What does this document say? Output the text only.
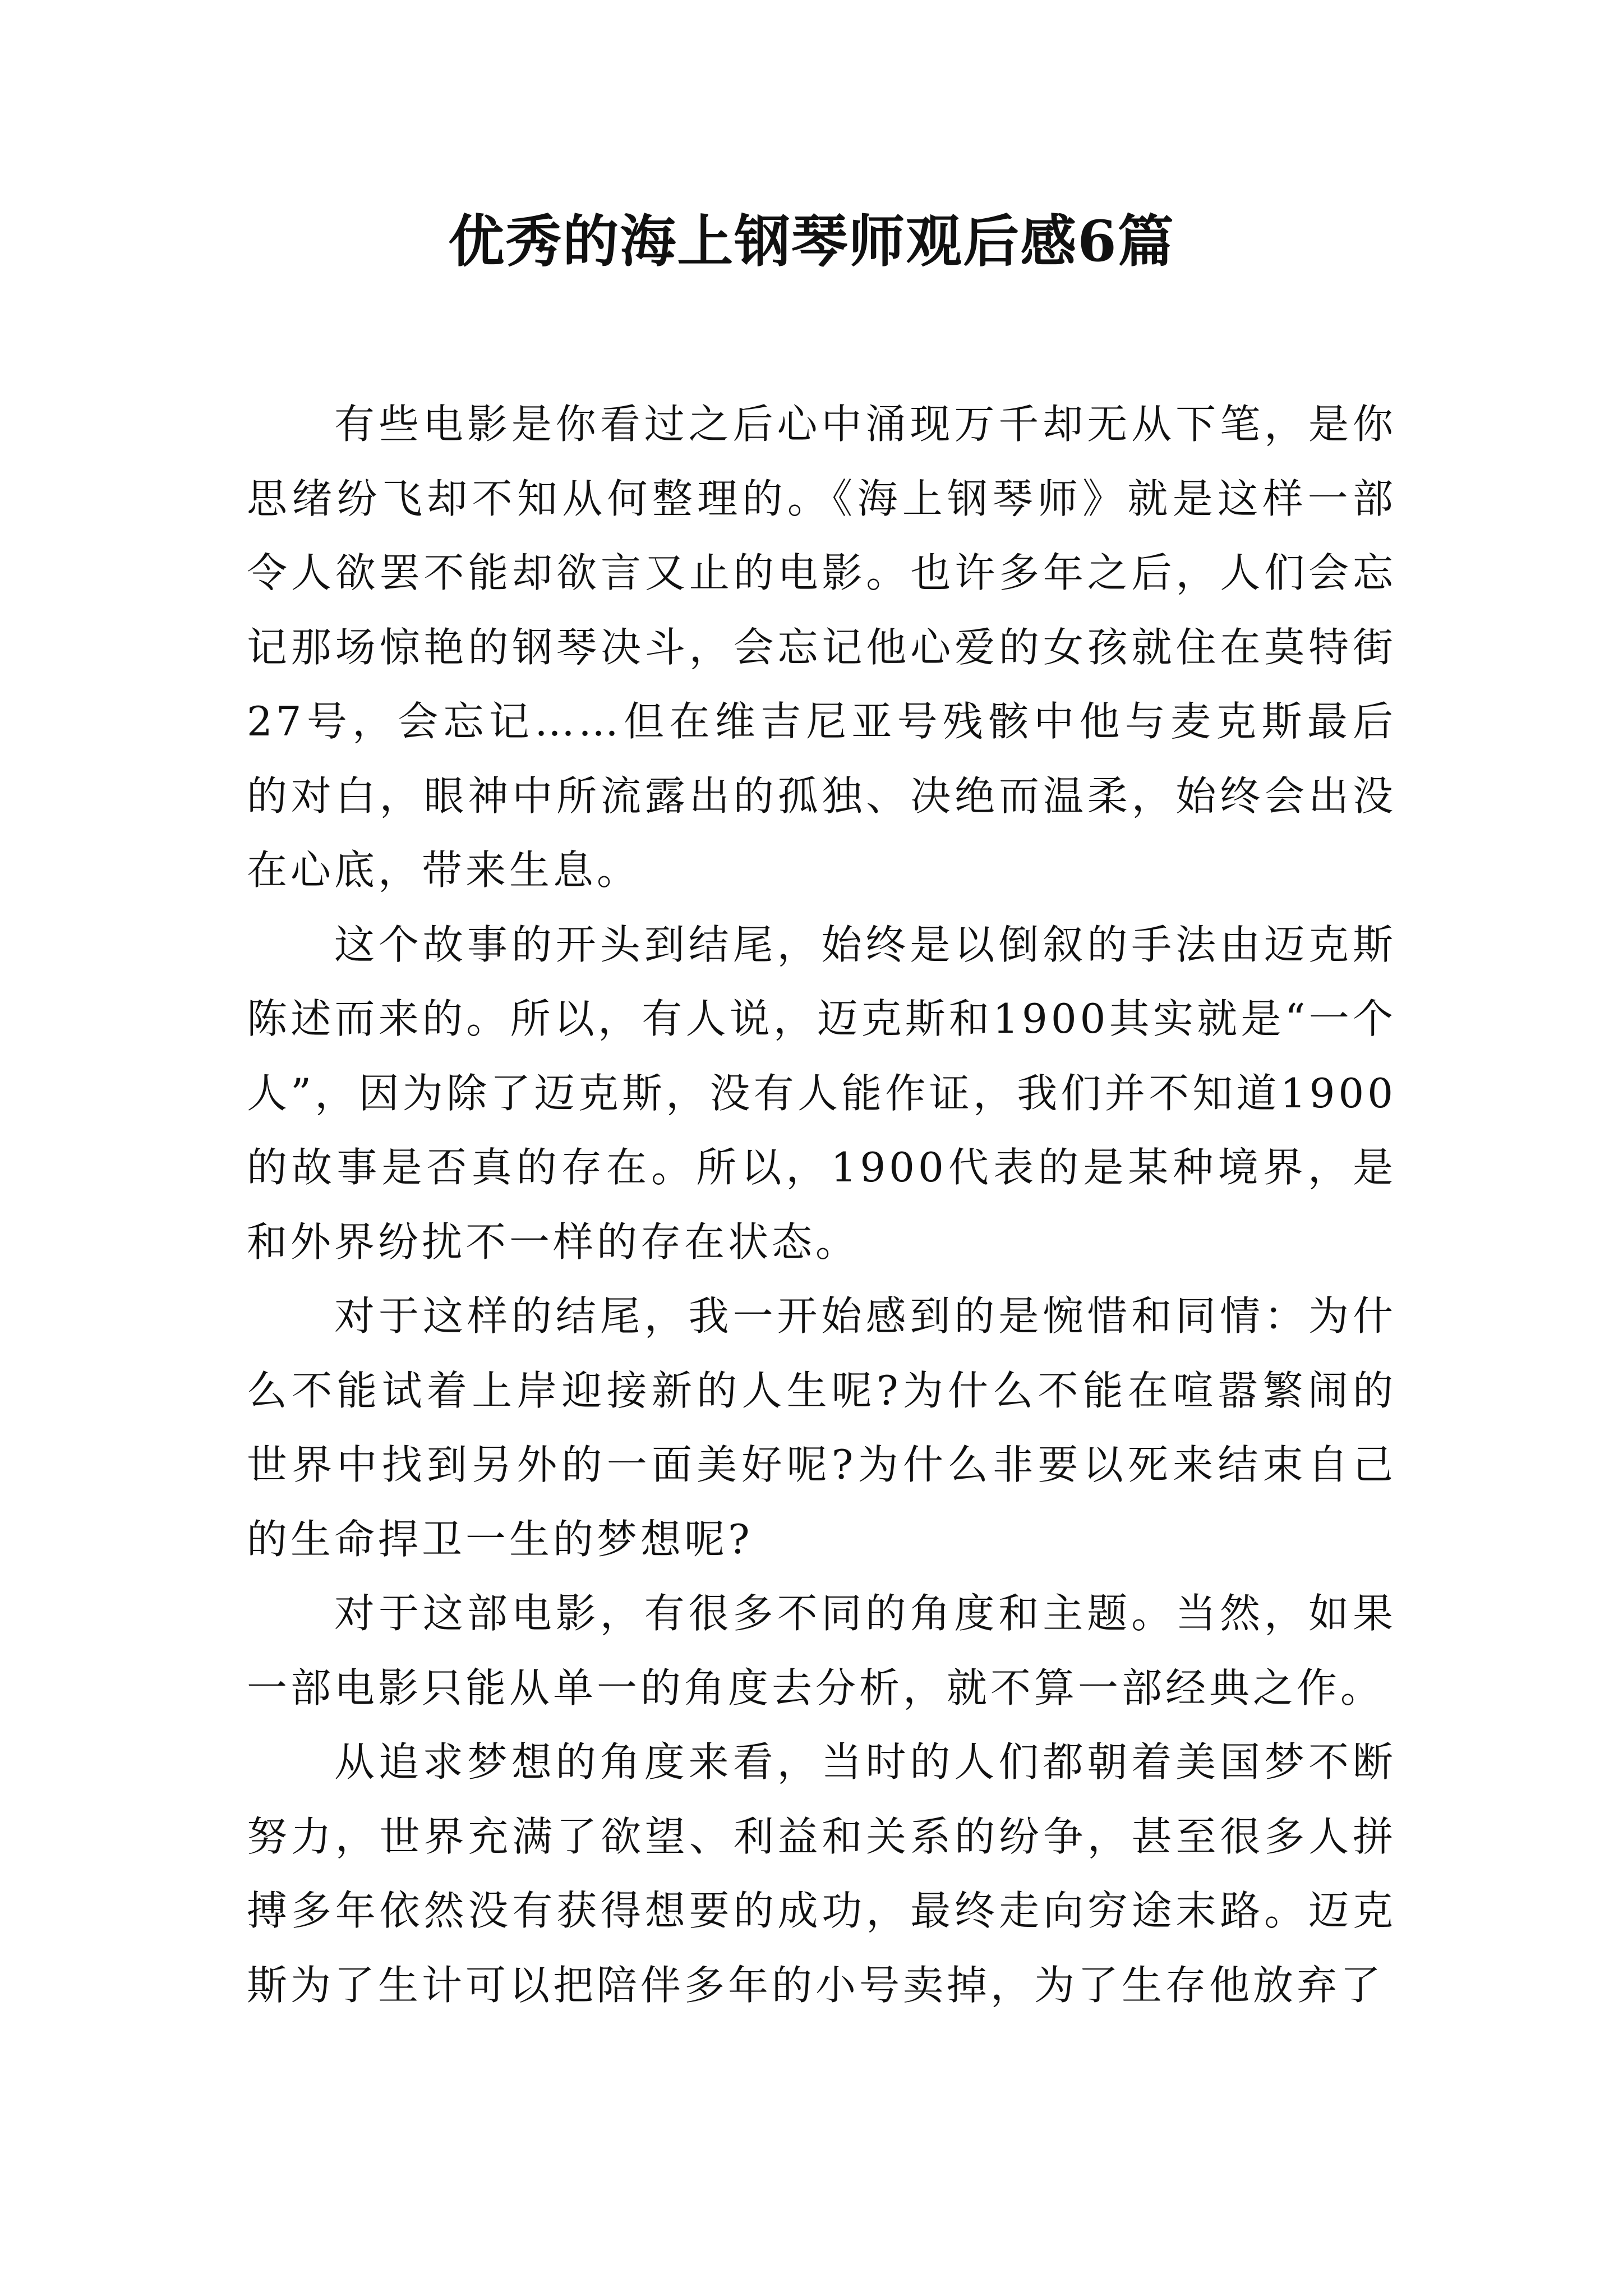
优秀的海上钢琴师观后感6篇

有些电影是你看过之后心中涌现万千却无从下笔，是你思绪纷飞却不知从何整理的。《海上钢琴师》就是这样一部令人欲罢不能却欲言又止的电影。也许多年之后，人们会忘记那场惊艳的钢琴决斗，会忘记他心爱的女孩就住在莫特街27号，会忘记……但在维吉尼亚号残骸中他与麦克斯最后的对白，眼神中所流露出的孤独、决绝而温柔，始终会出没在心底，带来生息。

这个故事的开头到结尾，始终是以倒叙的手法由迈克斯陈述而来的。所以，有人说，迈克斯和1900其实就是“一个人”，因为除了迈克斯，没有人能作证，我们并不知道1900的故事是否真的存在。所以，1900代表的是某种境界，是和外界纷扰不一样的存在状态。

对于这样的结尾，我一开始感到的是惋惜和同情：为什么不能试着上岸迎接新的人生呢?为什么不能在喧嚣繁闹的世界中找到另外的一面美好呢?为什么非要以死来结束自己的生命捍卫一生的梦想呢?

对于这部电影，有很多不同的角度和主题。当然，如果一部电影只能从单一的角度去分析，就不算一部经典之作。

从追求梦想的角度来看，当时的人们都朝着美国梦不断努力，世界充满了欲望、利益和关系的纷争，甚至很多人拼搏多年依然没有获得想要的成功，最终走向穷途末路。迈克斯为了生计可以把陪伴多年的小号卖掉，为了生存他放弃了
